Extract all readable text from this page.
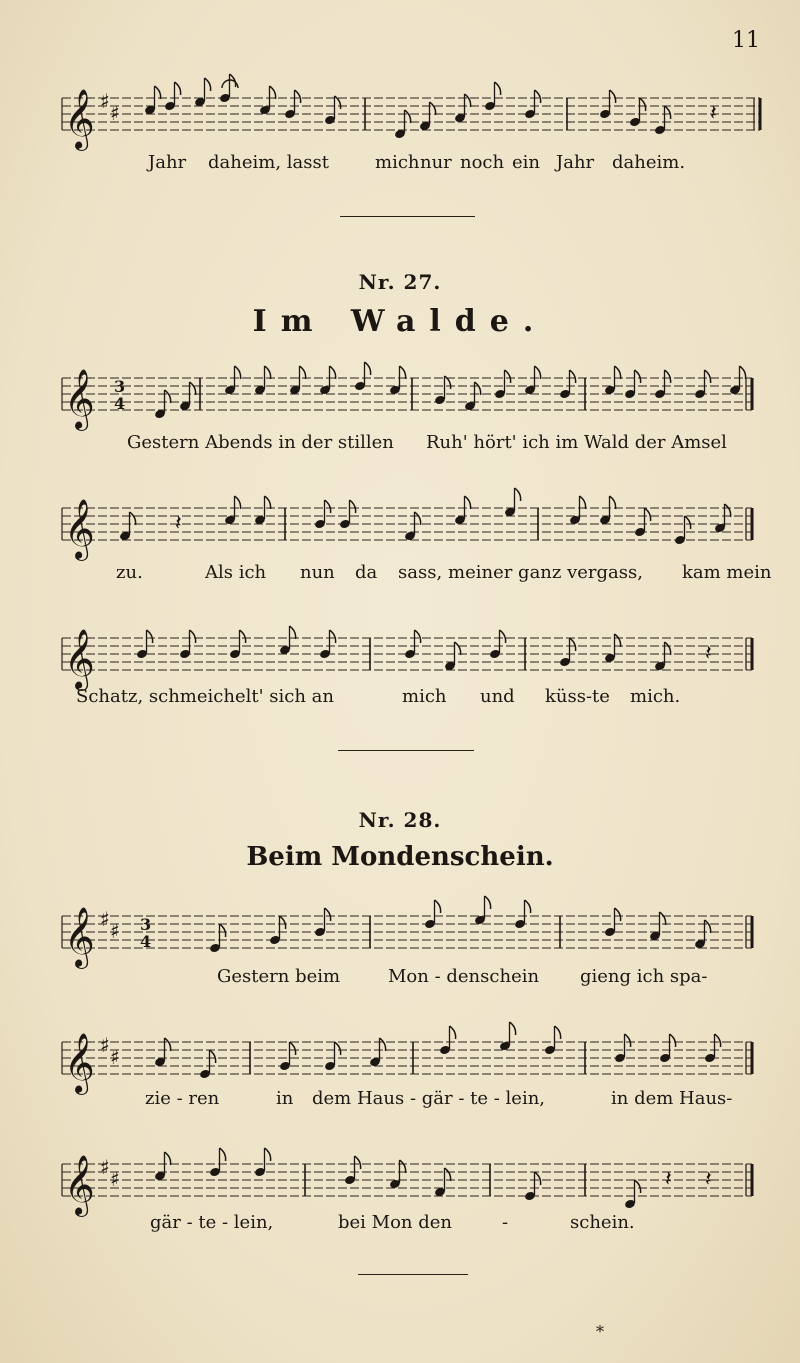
11
𝄞 ♯ ♯	𝄽
Jahr daheim, lasst	mich nur noch ein Jahr daheim.
Nr. 27.
Im Walde.
𝄞 3
4
Gestern Abends in der stillen Ruh' hört' ich im Wald der Amsel
𝄞	𝄽
zu.	Als ich nun da sass, meiner ganz vergass, kam mein
𝄞	𝄽
Schatz, schmeichelt' sich an	mich und küss-te mich.
Nr. 28.
Beim Mondenschein.
𝄞 ♯ ♯ 3
4
Gestern beim	Mon - denschein gieng ich spa-
𝄞 ♯ ♯
zie - ren	in dem Haus - gär - te - lein,	in dem Haus-
𝄞 ♯ ♯	𝄽 𝄽
gär - te - lein,	bei Mon den	-	schein.
*
